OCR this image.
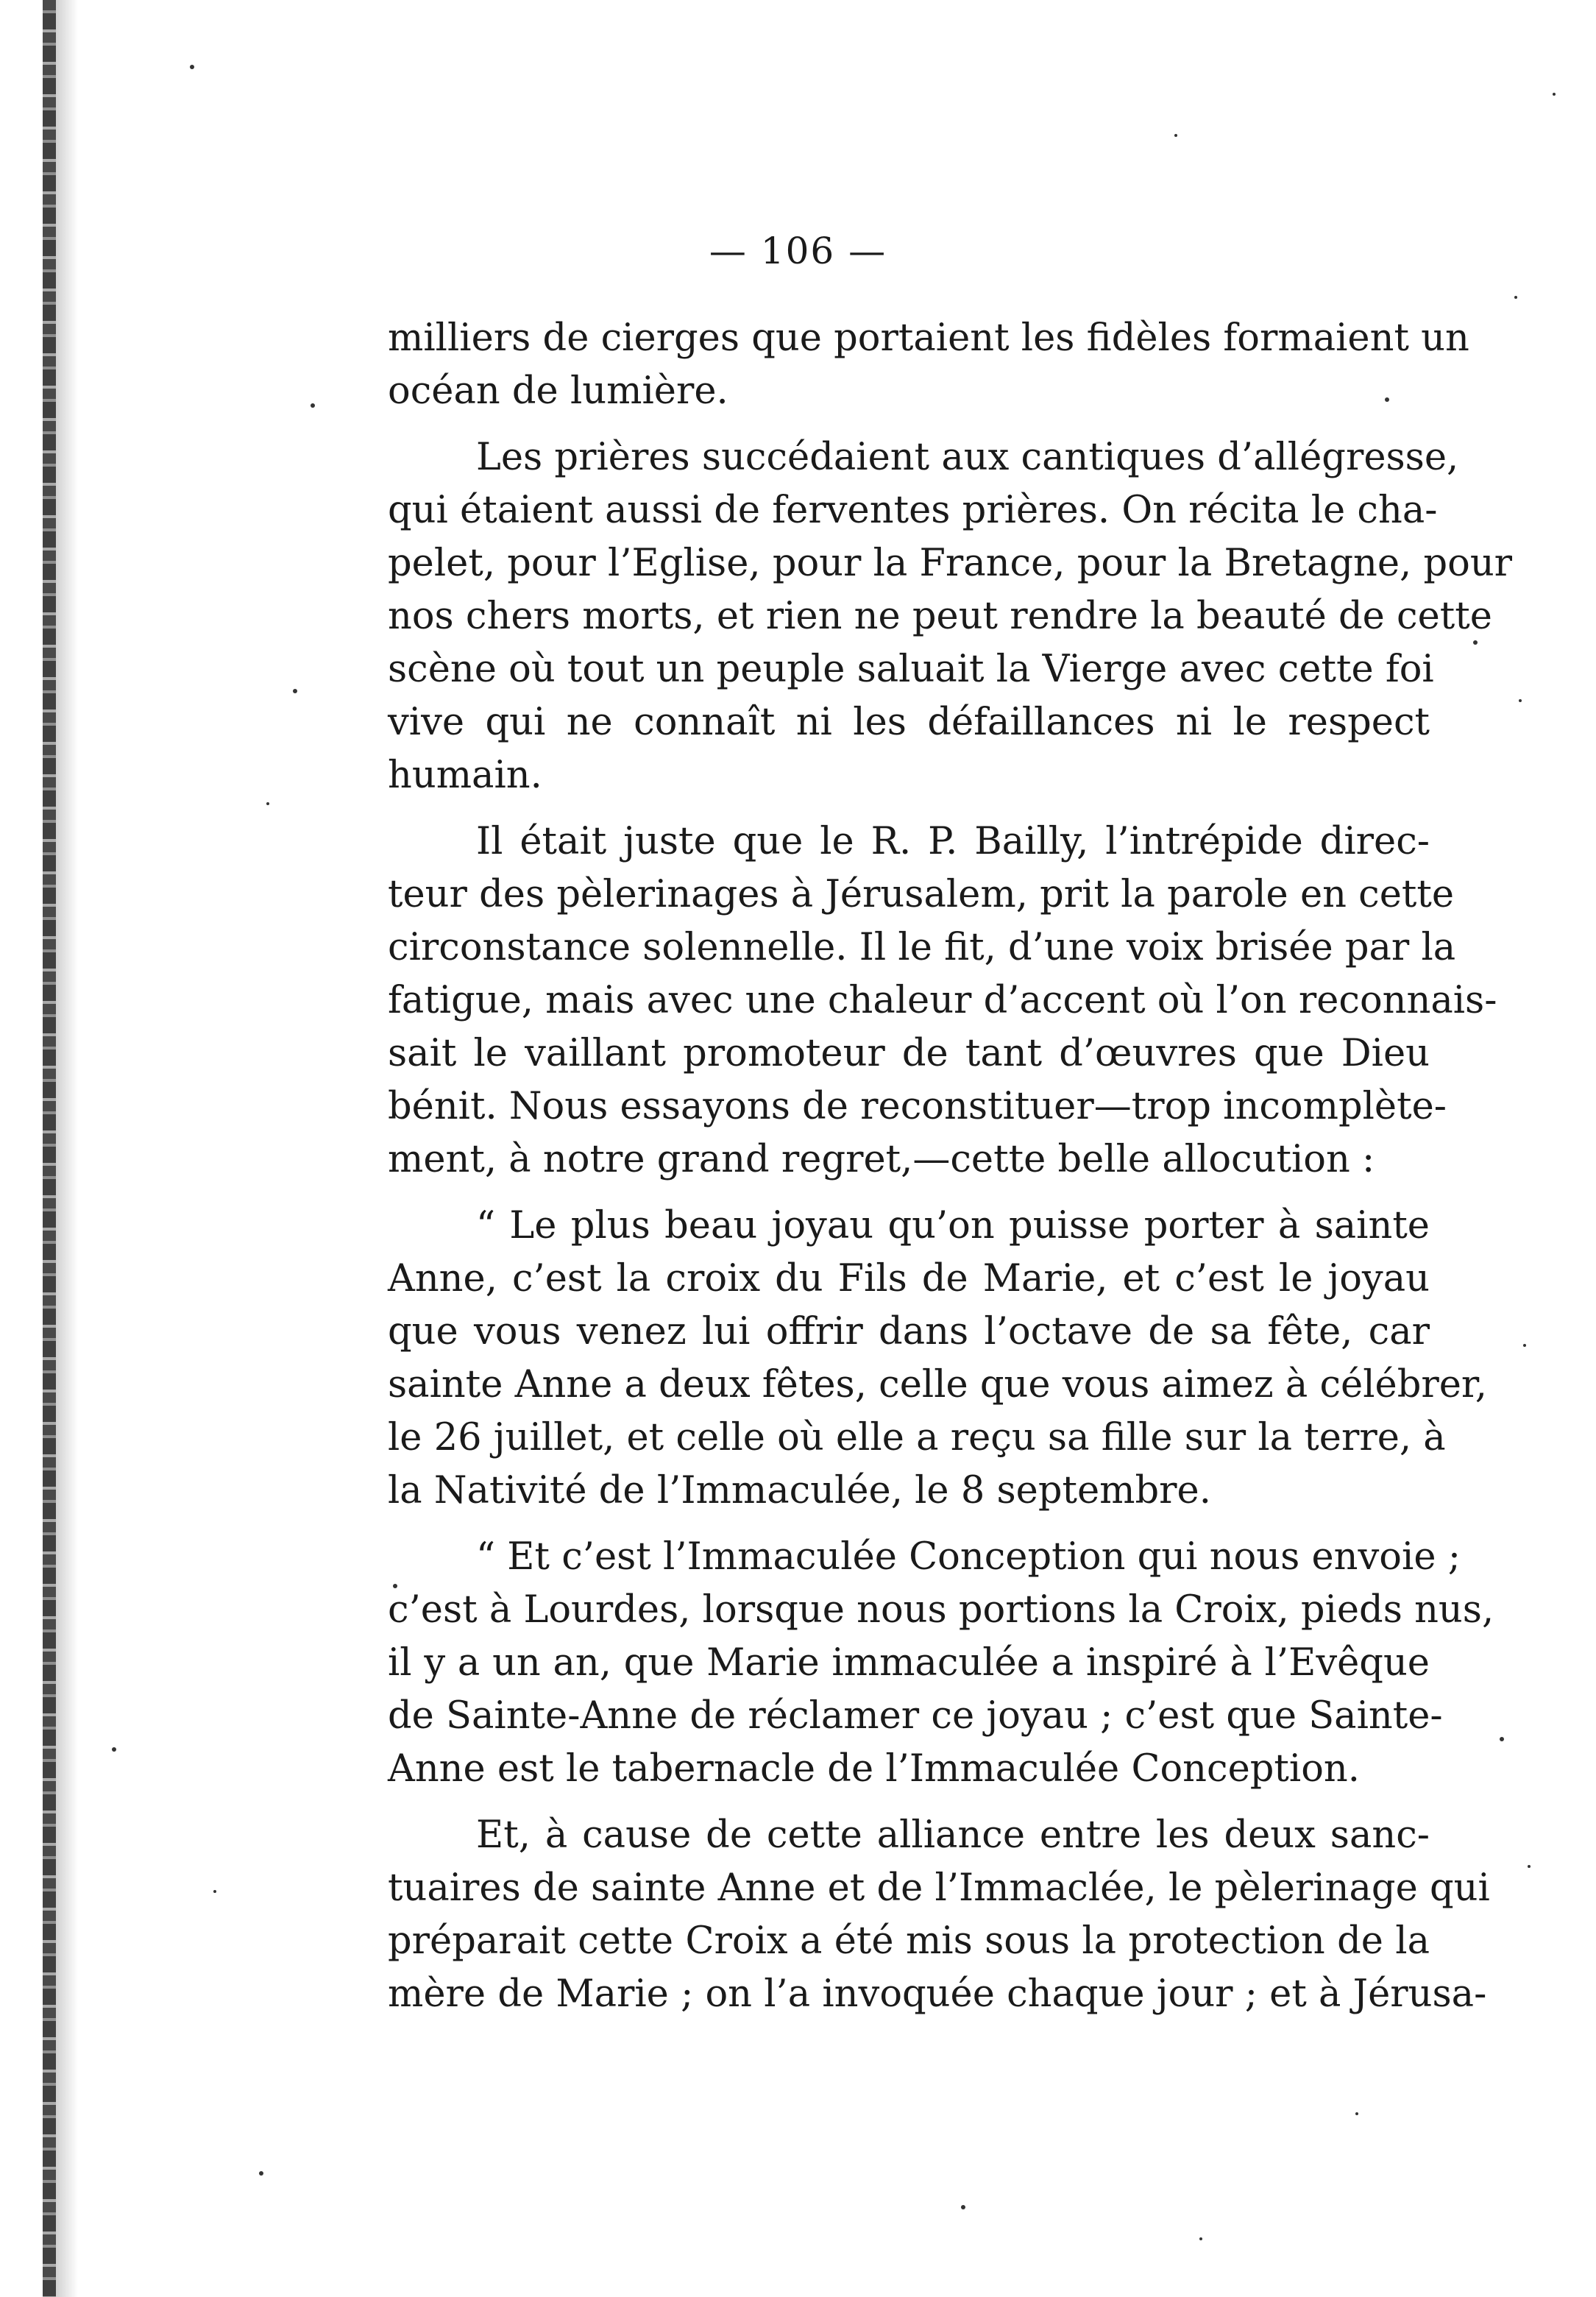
— 106 —
milliers de cierges que portaient les fidèles formaient un
océan de lumière.
Les prières succédaient aux cantiques d’allégresse,
qui étaient aussi de ferventes prières. On récita le cha-
pelet, pour l’Eglise, pour la France, pour la Bretagne, pour
nos chers morts, et rien ne peut rendre la beauté de cette
scène où tout un peuple saluait la Vierge avec cette foi
vive qui ne connaît ni les défaillances ni le respect
humain.
Il était juste que le R. P. Bailly, l’intrépide direc-
teur des pèlerinages à Jérusalem, prit la parole en cette
circonstance solennelle. Il le fit, d’une voix brisée par la
fatigue, mais avec une chaleur d’accent où l’on reconnais-
sait le vaillant promoteur de tant d’œuvres que Dieu
bénit. Nous essayons de reconstituer—trop incomplète-
ment, à notre grand regret,—cette belle allocution :
“ Le plus beau joyau qu’on puisse porter à sainte
Anne, c’est la croix du Fils de Marie, et c’est le joyau
que vous venez lui offrir dans l’octave de sa fête, car
sainte Anne a deux fêtes, celle que vous aimez à célébrer,
le 26 juillet, et celle où elle a reçu sa fille sur la terre, à
la Nativité de l’Immaculée, le 8 septembre.
“ Et c’est l’Immaculée Conception qui nous envoie ;
c’est à Lourdes, lorsque nous portions la Croix, pieds nus,
il y a un an, que Marie immaculée a inspiré à l’Evêque
de Sainte-Anne de réclamer ce joyau ; c’est que Sainte-
Anne est le tabernacle de l’Immaculée Conception.
Et, à cause de cette alliance entre les deux sanc-
tuaires de sainte Anne et de l’Immaclée, le pèlerinage qui
préparait cette Croix a été mis sous la protection de la
mère de Marie ; on l’a invoquée chaque jour ; et à Jérusa-
